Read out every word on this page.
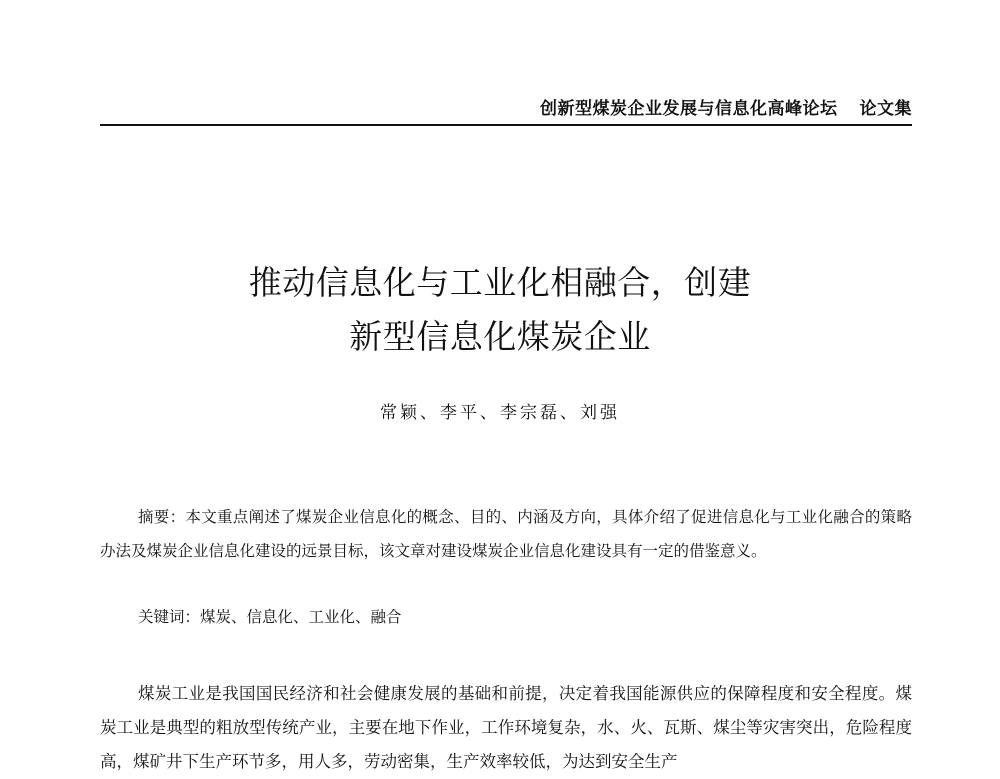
创新型煤炭企业发展与信息化高峰论坛 论文集
推动信息化与工业化相融合，创建
新型信息化煤炭企业
常颖、李平、李宗磊、刘强
摘要：本文重点阐述了煤炭企业信息化的概念、目的、内涵及方向，具体介绍了促进信息化与工业化融合的策略办法及煤炭企业信息化建设的远景目标，该文章对建设煤炭企业信息化建设具有一定的借鉴意义。
关键词：煤炭、信息化、工业化、融合
煤炭工业是我国国民经济和社会健康发展的基础和前提，决定着我国能源供应的保障程度和安全程度。煤炭工业是典型的粗放型传统产业，主要在地下作业，工作环境复杂，水、火、瓦斯、煤尘等灾害突出，危险程度高，煤矿井下生产环节多，用人多，劳动密集，生产效率较低，为达到安全生产
